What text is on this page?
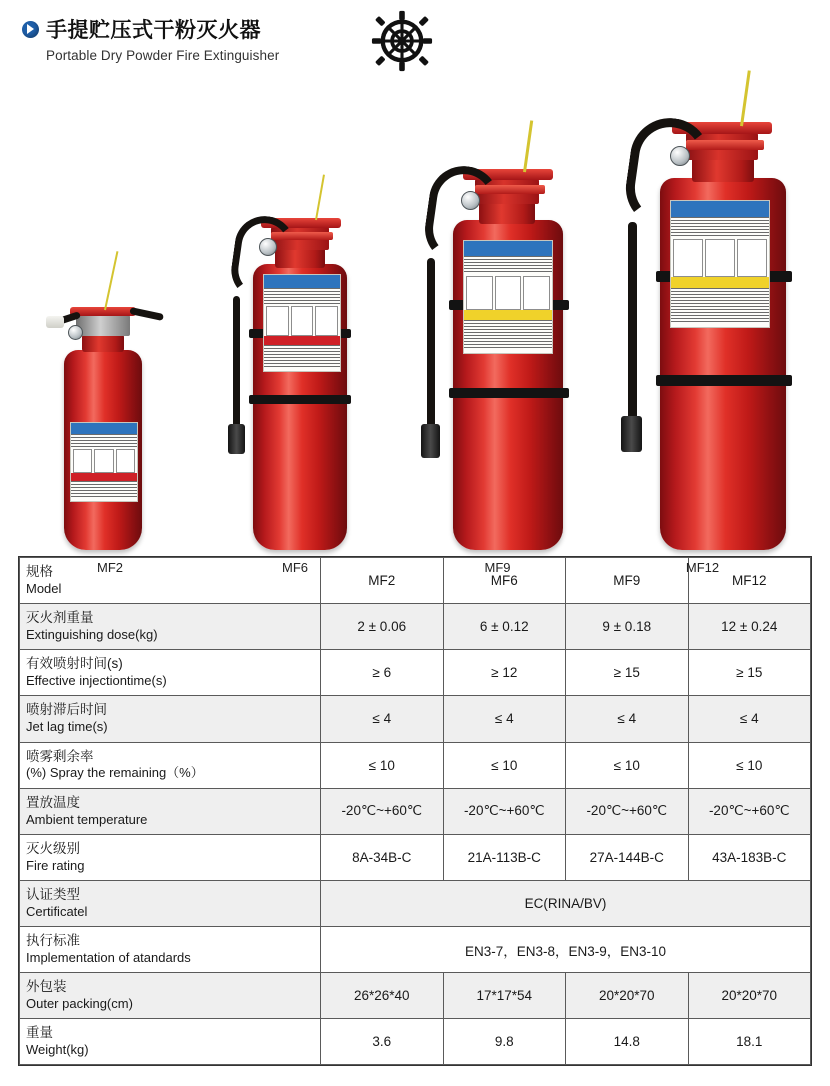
手提贮压式干粉灭火器
Portable Dry Powder Fire Extinguisher
MF2	MF6	MF9	MF12
规格
Model	MF2	MF6	MF9	MF12

灭火剂重量
Extinguishing dose(kg)	2 ± 0.06	6 ± 0.12	9 ± 0.18	12 ± 0.24

有效喷射时间(s)
Effective injectiontime(s)	≥ 6	≥ 12	≥ 15	≥ 15

喷射滞后时间
Jet lag time(s)	≤ 4	≤ 4	≤ 4	≤ 4

喷雾剩余率
(%) Spray the remaining（%）	≤ 10	≤ 10	≤ 10	≤ 10

置放温度
Ambient temperature	-20℃~+60℃	-20℃~+60℃	-20℃~+60℃	-20℃~+60℃

灭火级别
Fire rating	8A-34B-C	21A-113B-C	27A-144B-C	43A-183B-C

认证类型
Certificatel	EC(RINA/BV)			

执行标准
Implementation of atandards	EN3-7，EN3-8，EN3-9，EN3-10			

外包装
Outer packing(cm)	26*26*40	17*17*54	20*20*70	20*20*70

重量
Weight(kg)	3.6	9.8	14.8	18.1
